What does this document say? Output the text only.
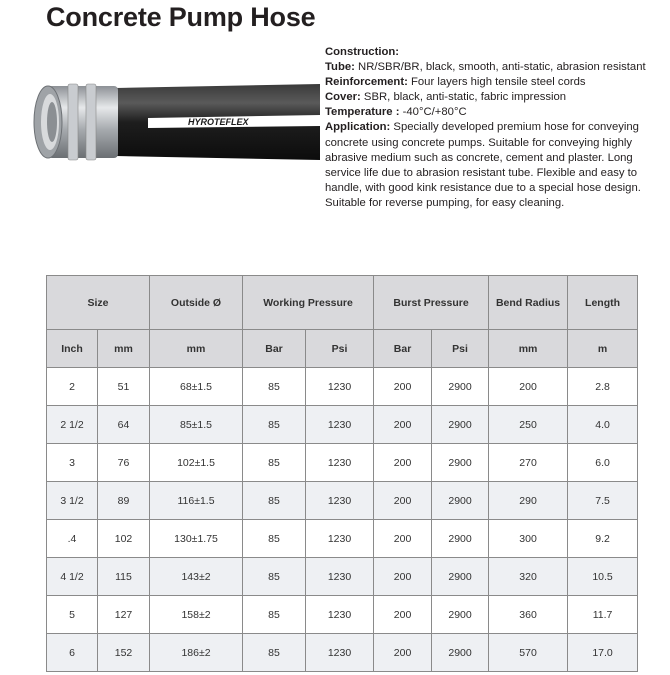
Concrete Pump Hose
HYROTEFLEX

Construction:

Tube: NR/SBR/BR, black, smooth, anti-static, abrasion resistant

Reinforcement: Four layers high tensile steel cords

Cover: SBR, black, anti-static, fabric impression

Temperature : -40°C/+80°C

Application: Specially developed premium hose for conveying concrete using concrete pumps. Suitable for conveying highly abrasive medium such as concrete, cement and plaster. Long service life due to abrasion resistant tube. Flexible and easy to handle, with good kink resistance due to a special hose design. Suitable for reverse pumping, for easy cleaning.

Size		Outside Ø	Working Pressure		Burst Pressure		Bend Radius	Length
Inch	mm	mm	Bar	Psi	Bar	Psi	mm	m
2	51	68±1.5	85	1230	200	2900	200	2.8
2 1/2	64	85±1.5	85	1230	200	2900	250	4.0
3	76	102±1.5	85	1230	200	2900	270	6.0
3 1/2	89	116±1.5	85	1230	200	2900	290	7.5
.4	102	130±1.75	85	1230	200	2900	300	9.2
4 1/2	115	143±2	85	1230	200	2900	320	10.5
5	127	158±2	85	1230	200	2900	360	11.7
6	152	186±2	85	1230	200	2900	570	17.0
